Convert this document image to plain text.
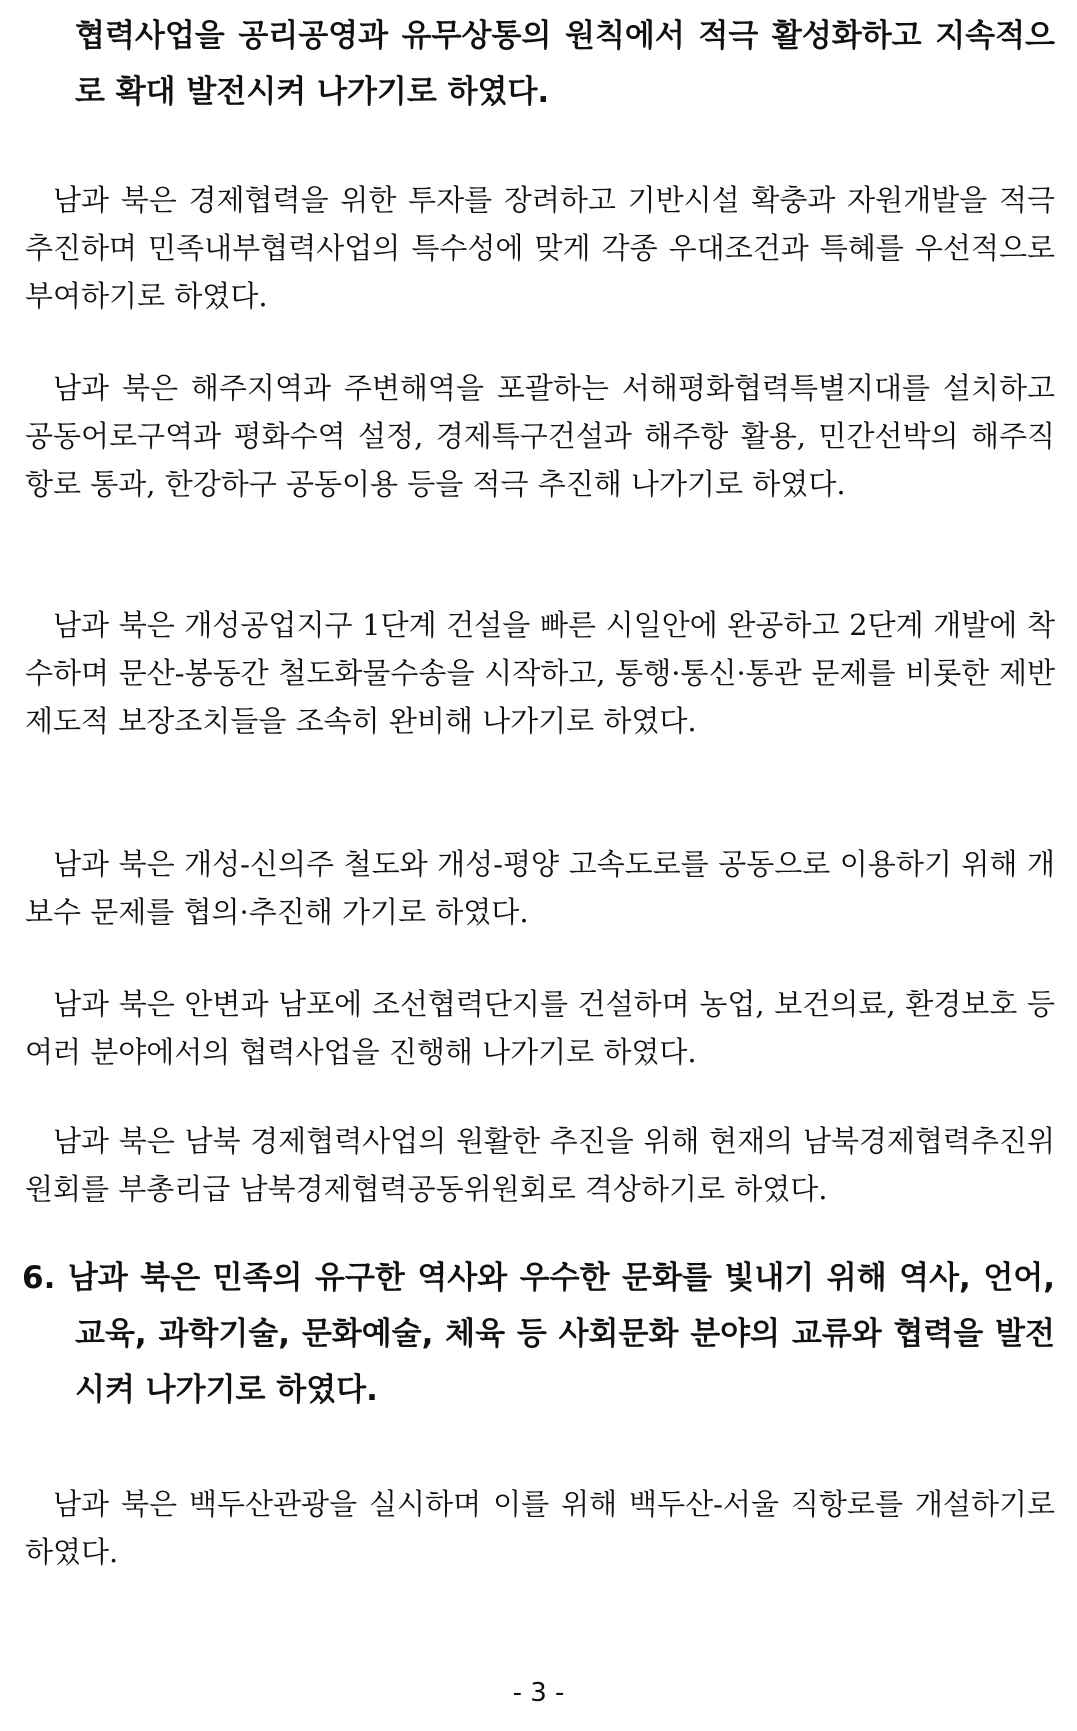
협력사업을 공리공영과 유무상통의 원칙에서 적극 활성화하고 지속적으로 확대 발전시켜 나가기로 하였다.

남과 북은 경제협력을 위한 투자를 장려하고 기반시설 확충과 자원개발을 적극 추진하며 민족내부협력사업의 특수성에 맞게 각종 우대조건과 특혜를 우선적으로 부여하기로 하였다.

남과 북은 해주지역과 주변해역을 포괄하는 서해평화협력특별지대를 설치하고 공동어로구역과 평화수역 설정, 경제특구건설과 해주항 활용, 민간선박의 해주직항로 통과, 한강하구 공동이용 등을 적극 추진해 나가기로 하였다.

남과 북은 개성공업지구 1단계 건설을 빠른 시일안에 완공하고 2단계 개발에 착수하며 문산-봉동간 철도화물수송을 시작하고, 통행·통신·통관 문제를 비롯한 제반 제도적 보장조치들을 조속히 완비해 나가기로 하였다.

남과 북은 개성-신의주 철도와 개성-평양 고속도로를 공동으로 이용하기 위해 개보수 문제를 협의·추진해 가기로 하였다.

남과 북은 안변과 남포에 조선협력단지를 건설하며 농업, 보건의료, 환경보호 등 여러 분야에서의 협력사업을 진행해 나가기로 하였다.

남과 북은 남북 경제협력사업의 원활한 추진을 위해 현재의 남북경제협력추진위원회를 부총리급 남북경제협력공동위원회로 격상하기로 하였다.

6. 남과 북은 민족의 유구한 역사와 우수한 문화를 빛내기 위해 역사, 언어, 교육, 과학기술, 문화예술, 체육 등 사회문화 분야의 교류와 협력을 발전시켜 나가기로 하였다.

남과 북은 백두산관광을 실시하며 이를 위해 백두산-서울 직항로를 개설하기로 하였다.

- 3 -
